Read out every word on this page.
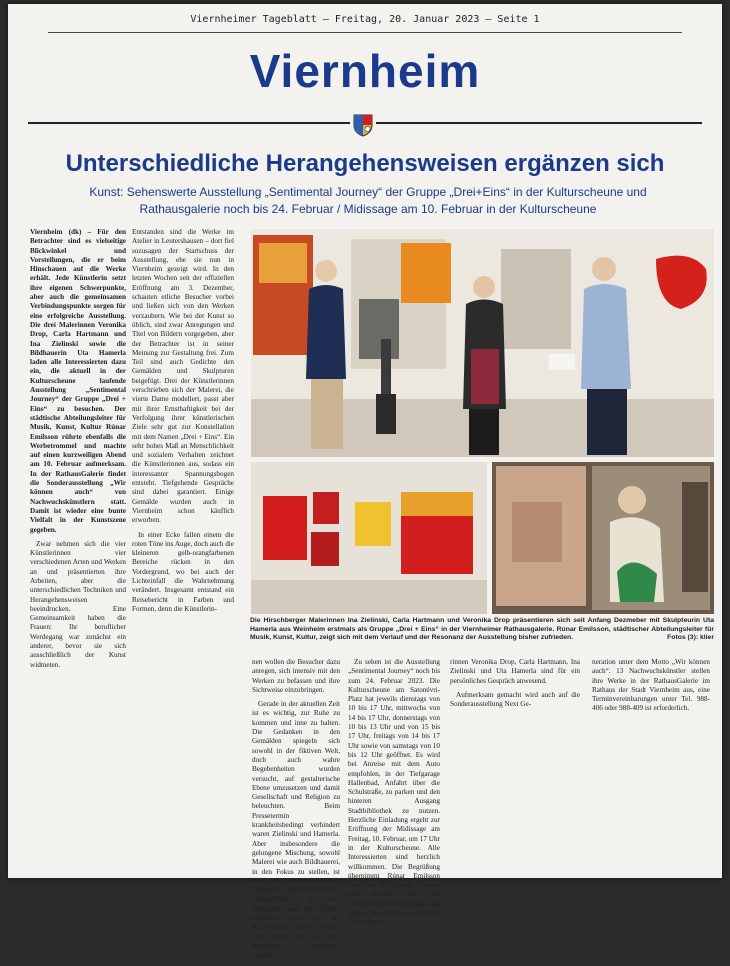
Viernheimer Tageblatt – Freitag, 20. Januar 2023 – Seite 1
Viernheim
Unterschiedliche Herangehensweisen ergänzen sich
Kunst: Sehenswerte Ausstellung „Sentimental Journey“ der Gruppe „Drei+Eins“ in der Kulturscheune und Rathausgalerie noch bis 24. Februar / Midissage am 10. Februar in der Kulturscheune

Viernheim (dk) – Für den Betrachter sind es vielseitige Blickwinkel und Vorstellungen, die er beim Hinschauen auf die Werke erhält. Jede Künstlerin setzt ihre eigenen Schwerpunkte, aber auch die gemeinsamen Verbindungspunkte sorgen für eine erfolgreiche Ausstellung. Die drei Malerinnen Veronika Drop, Carla Hartmann und Ina Zielinski sowie die Bildhauerin Uta Hamerla laden alle Interessierten dazu ein, die aktuell in der Kulturscheune laufende Ausstellung „Sentimental Journey“ der Gruppe „Drei + Eins“ zu besuchen. Der städtische Abteilungsleiter für Musik, Kunst, Kultur Rúnar Emilsson rührte ebenfalls die Werbetrommel und machte auf einen kurzweiligen Abend am 10. Februar aufmerksam. In der RathausGalerie findet die Sonderausstellung „Wir können auch“ von Nachwuchskünstlern statt. Damit ist wieder eine bunte Vielfalt in der Kunstszene gegeben.

Zwar nehmen sich die vier Künstlerinnen vier verschiedenen Arten und Werken an und präsentierten ihre Arbeiten, aber die unterschiedlichen Techniken und Herangehensweisen beeindrucken. Eine Gemeinsamkeit haben die Frauen: Ihr beruflicher Werdegang war zunächst ein anderer, bevor sie sich ausschließlich der Kunst widmeten.

Entstanden sind die Werke im Atelier in Leutershausen – dort fiel sozusagen der Startschuss der Ausstellung, ehe sie nun in Viernheim gezeigt wird. In den letzten Wochen seit der offiziellen Eröffnung am 3. Dezember, schauten etliche Besucher vorbei und ließen sich von den Werken verzaubern. Wie bei der Kunst so üblich, sind zwar Anregungen und Titel von Bildern vorgegeben, aber der Betrachter ist in seiner Meinung zur Gestaltung frei. Zum Teil sind auch Gedichte den Gemälden und Skulpturen beigefügt. Drei der Künstlerinnen verschrieben sich der Malerei, die vierte Dame modellert, passt aber mit ihrer Ernsthaftigkeit bei der Verfolgung ihrer künstlerischen Ziele sehr gut zur Konstellation mit dem Namen „Drei + Eins“. Ein sehr hohes Maß an Menschlichkeit und sozialem Verhalten zeichnet die Künstlerinnen aus, sodass ein interessanter Spannungsbogen entsteht. Tiefgehende Gespräche sind dabei garantiert. Einige Gemälde wurden auch in Viernheim schon käuflich erworben.

In einer Ecke fallen einem die roten Töne ins Auge, doch auch die kleineren gelb-orangfarbenen Bereiche rücken in den Vordergrund, wo bei auch der Lichteinfall die Wahrnehmung verändert. Insgesamt entstand ein Reisebericht in Farben und Formen, denn die Künstlerin-

Die Hirschberger Malerinnen Ina Zielinski, Carla Hartmann und Veronika Drop präsentieren sich seit Anfang Dezmeber mit Skulpteurin Uta Hamerla aus Weinheim erstmals als Gruppe „Drei + Eins“ in der Viernheimer Rathausgalerie. Rúnar Emilsson, städtischer Abteilungsleiter für Musik, Kunst, Kultur, zeigt sich mit dem Verlauf und der Resonanz der Ausstellung bisher zufrieden.	Fotos (3): klier

nen wollen die Besucher dazu anregen, sich intensiv mit den Werken zu befassen und ihre Sichtweise einzubringen.

Gerade in der aktuellen Zeit ist es wichtig, zur Ruhe zu kommen und inne zu halten. Die Gedanken in den Gemälden spiegeln sich sowohl in der fiktiven Welt, doch auch wahre Begebenheiten wurden versucht, auf gestalterische Ebene umzusetzen und damit Gesellschaft und Religion zu beleuchten. Beim Pressetermin krankheitsbedingt verhindert waren Zielinski und Hamerla. Aber insbesondere die gelungene Mischung, sowohl Malerei wie auch Bildhauerei, in den Fokus zu stellen, ist eines der Geheimnisse der Formation „Drei + Eins“. Die Unterschiede in den Techniken und der Farben ergänzen sich in der Ausstellung perfekt, sodass am Ende ein in sich stimmiges Gesamtbild entsteht.

Zu sehen ist die Ausstellung „Sentimental Journey“ noch bis zum 24. Februar 2023. Die Kulturscheune am Satonévri-Platz hat jeweils dienstags von 10 bis 17 Uhr, mittwochs von 14 bis 17 Uhr, donnerstags von 10 bis 13 Uhr und von 15 bis 17 Uhr, freitags von 14 bis 17 Uhr sowie von samstags von 10 bis 12 Uhr geöffnet. Es wird bei Anreise mit dem Auto empfohlen, in der Tiefgarage Hallenbad, Anfahrt über die Schulstraße, zu parken und den hinteren Ausgang Stadtbibliothek zu nutzen. Herzliche Einladung ergeht zur Eröffnung der Midissage am Freitag, 10. Februar, um 17 Uhr in der Kulturscheune. Alle Interessierten sind herzlich willkommen. Die Begrüßung übernimmt Rúnar Emilsson vom Amt für Kultur, Bildung und Soziales. Für die musikalische Umrahmung sorgt Jürgen Knackmuss und auch die Künstle-

rinnen Veronika Drop, Carla Hartmann, Ina Zielinski und Uta Hamerla sind für ein persönliches Gespräch anwesend.

Aufmerksam gemacht wird auch auf die Sonderausstellung Next Ge-

neration unter dem Motto „Wir können auch“. 13 Nachwuchskünstler stellen ihre Werke in der RathausGalerie im Rathaus der Stadt Viernheim aus, eine Terminvereinbarungen unter Tel. 988-406 oder 988-409 ist erforderlich.
